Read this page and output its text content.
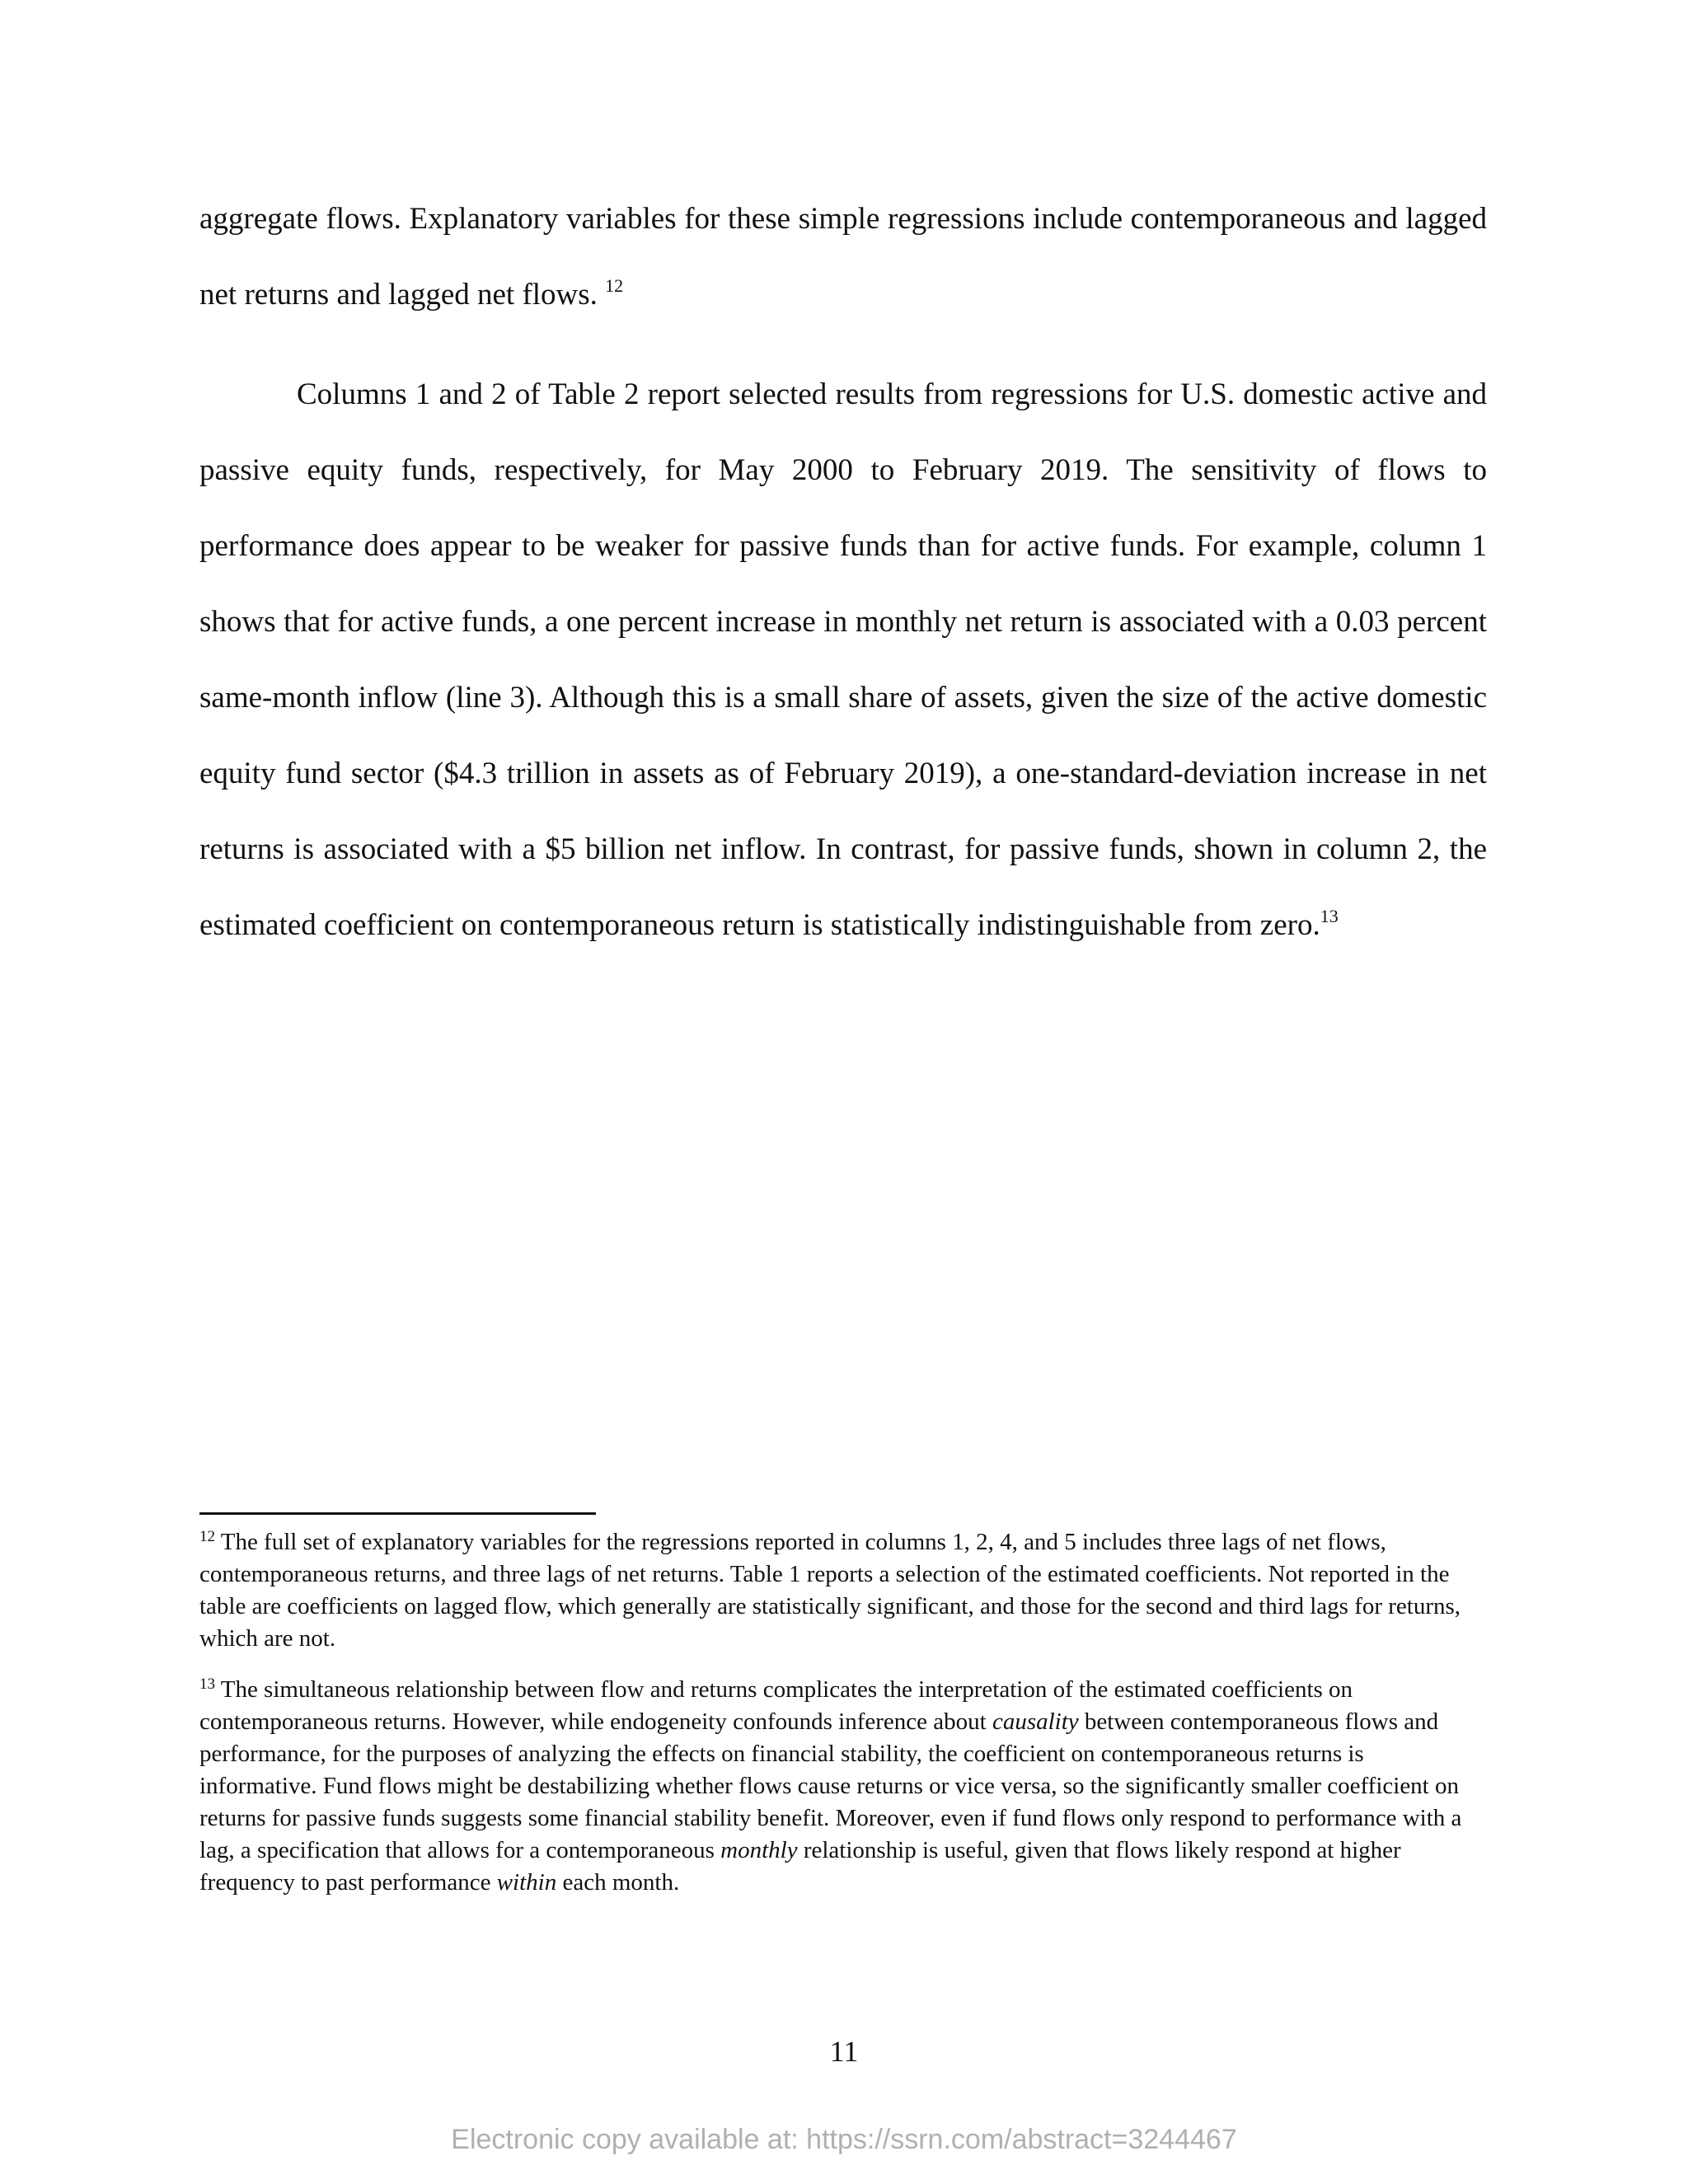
aggregate flows. Explanatory variables for these simple regressions include contemporaneous and lagged net returns and lagged net flows. $^{12}$

Columns 1 and 2 of Table 2 report selected results from regressions for U.S. domestic active and passive equity funds, respectively, for May 2000 to February 2019. The sensitivity of flows to performance does appear to be weaker for passive funds than for active funds. For example, column 1 shows that for active funds, a one percent increase in monthly net return is associated with a 0.03 percent same-month inflow (line 3). Although this is a small share of assets, given the size of the active domestic equity fund sector ($4.3 trillion in assets as of February 2019), a one-standard-deviation increase in net returns is associated with a $5 billion net inflow. In contrast, for passive funds, shown in column 2, the estimated coefficient on contemporaneous return is statistically indistinguishable from zero.$^{13}$

$^{12}$ The full set of explanatory variables for the regressions reported in columns 1, 2, 4, and 5 includes three lags of net flows, contemporaneous returns, and three lags of net returns. Table 1 reports a selection of the estimated coefficients. Not reported in the table are coefficients on lagged flow, which generally are statistically significant, and those for the second and third lags for returns, which are not.

$^{13}$ The simultaneous relationship between flow and returns complicates the interpretation of the estimated coefficients on contemporaneous returns. However, while endogeneity confounds inference about causality between contemporaneous flows and performance, for the purposes of analyzing the effects on financial stability, the coefficient on contemporaneous returns is informative. Fund flows might be destabilizing whether flows cause returns or vice versa, so the significantly smaller coefficient on returns for passive funds suggests some financial stability benefit. Moreover, even if fund flows only respond to performance with a lag, a specification that allows for a contemporaneous monthly relationship is useful, given that flows likely respond at higher frequency to past performance within each month.

11
Electronic copy available at: https://ssrn.com/abstract=3244467
